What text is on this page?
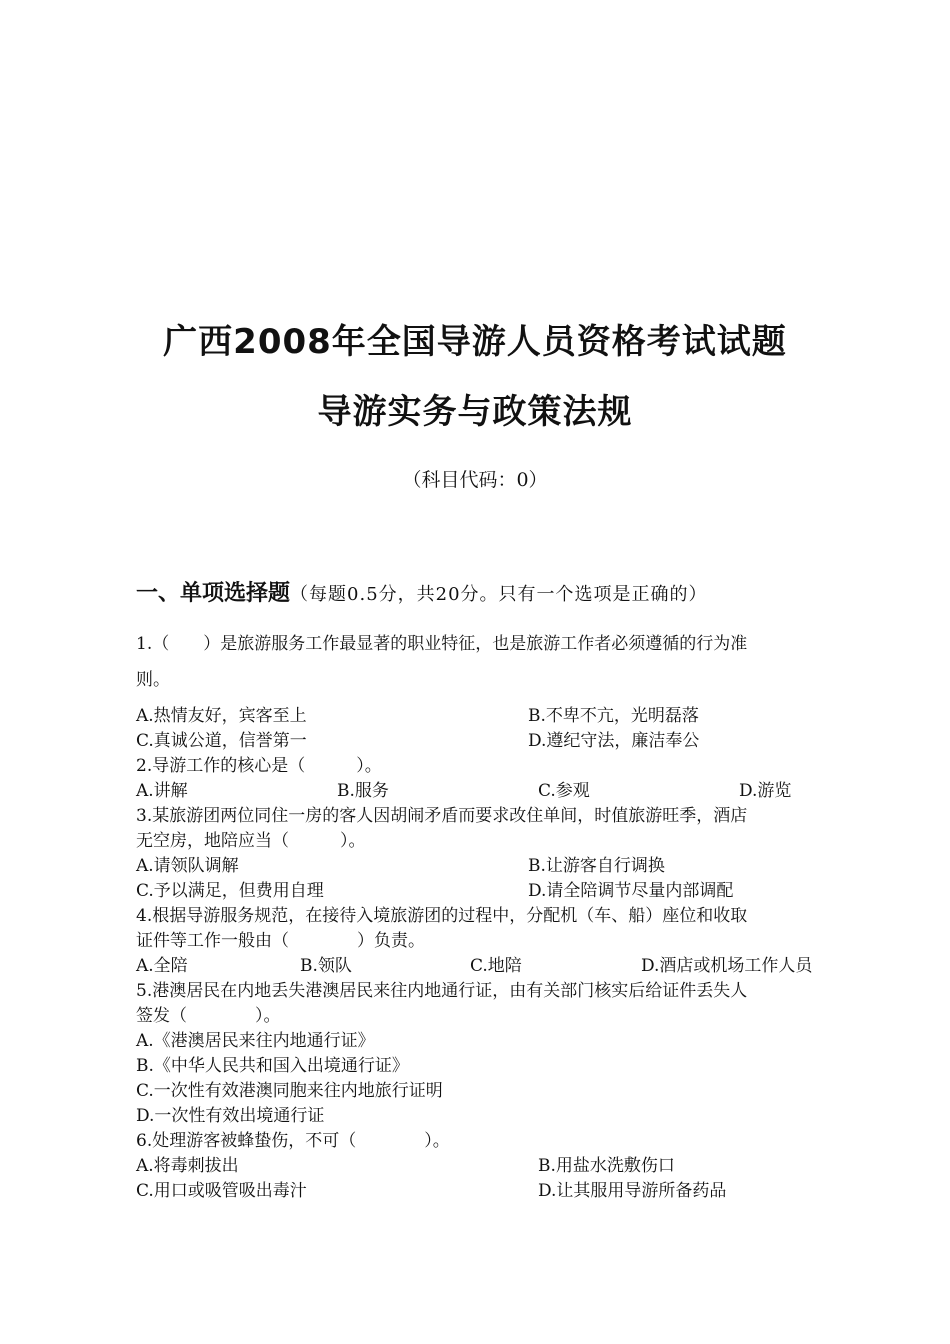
广西2008年全国导游人员资格考试试题
导游实务与政策法规
（科目代码：0）
一、单项选择题（每题0.5分，共20分。只有一个选项是正确的）
1.（　　）是旅游服务工作最显著的职业特征，也是旅游工作者必须遵循的行为准
则。
A.热情友好，宾客至上	B.不卑不亢，光明磊落
C.真诚公道，信誉第一	D.遵纪守法，廉洁奉公
2.导游工作的核心是（　　　）。
A.讲解	B.服务	C.参观	D.游览
3.某旅游团两位同住一房的客人因胡闹矛盾而要求改住单间，时值旅游旺季，酒店
无空房，地陪应当（　　　）。
A.请领队调解	B.让游客自行调换
C.予以满足，但费用自理	D.请全陪调节尽量内部调配
4.根据导游服务规范，在接待入境旅游团的过程中，分配机（车、船）座位和收取
证件等工作一般由（　　　　）负责。
A.全陪	B.领队	C.地陪	D.酒店或机场工作人员
5.港澳居民在内地丢失港澳居民来往内地通行证，由有关部门核实后给证件丢失人
签发（　　　　）。
A.《港澳居民来往内地通行证》
B.《中华人民共和国入出境通行证》
C.一次性有效港澳同胞来往内地旅行证明
D.一次性有效出境通行证
6.处理游客被蜂蛰伤，不可（　　　　）。
A.将毒刺拔出	B.用盐水洗敷伤口
C.用口或吸管吸出毒汁	D.让其服用导游所备药品
